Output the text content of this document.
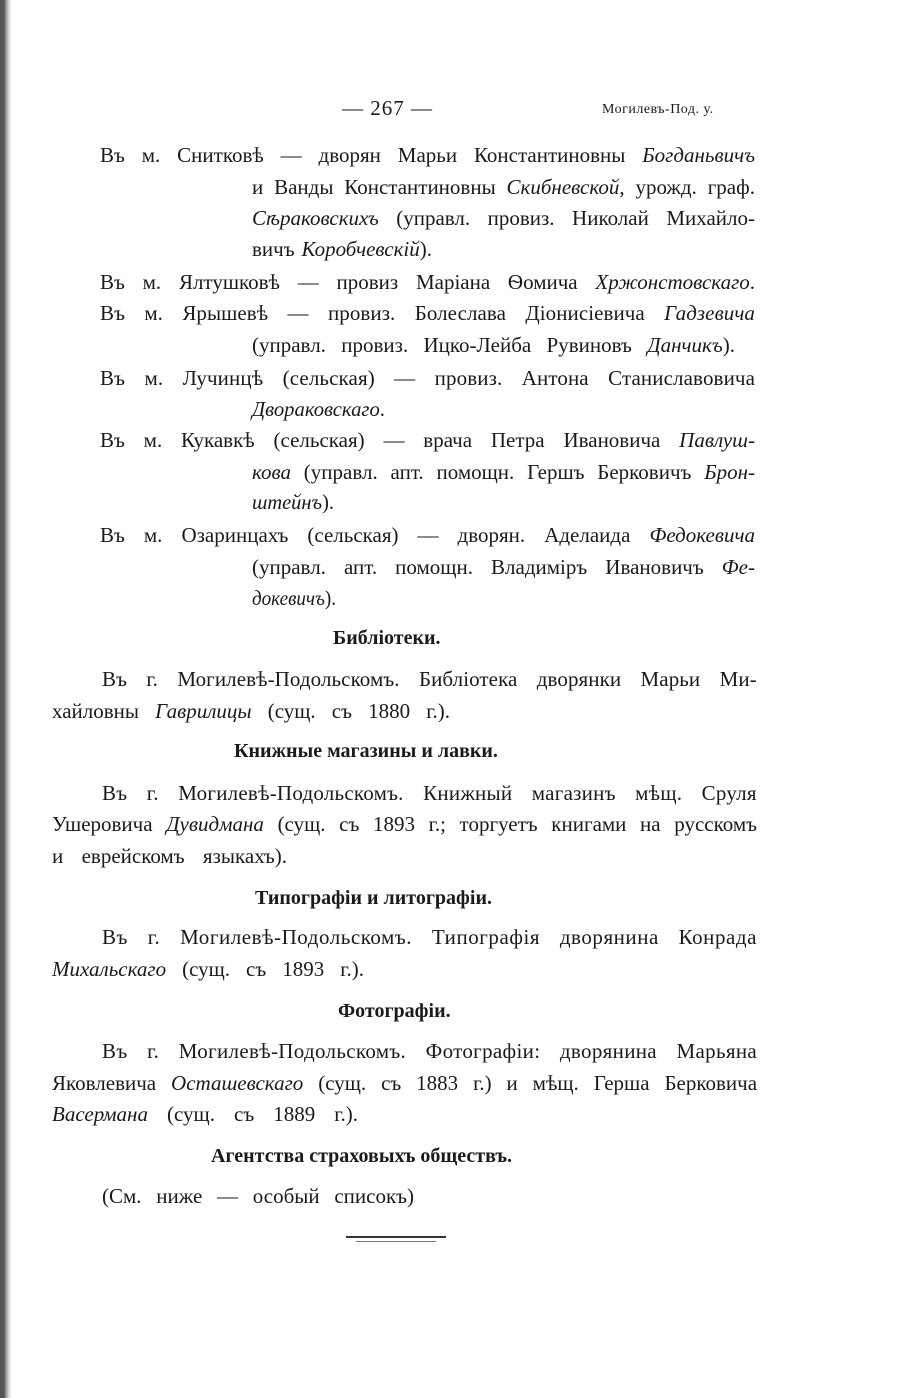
— 267 —	Могилевъ-Под. у.
Въ м. Снитковѣ — дворян Марьи Константиновны Богданьвичъ
и Ванды Константиновны Скибневской, урожд. граф.
Сѣраковскихъ (управл. провиз. Николай Михайло-
вичъ Коробчевскій).
Въ м. Ялтушковѣ — провиз Маріана Ѳомича Хржонстовскаго.
Въ м. Ярышевѣ — провиз. Болеслава Діонисіевича Гадзевича
(управл. провиз. Ицко-Лейба Рувиновъ Данчикъ).
Въ м. Лучинцѣ (сельская) — провиз. Антона Станиславовича
Двораковскаго.
Въ м. Кукавкѣ (сельская) — врача Петра Ивановича Павлуш-
кова (управл. апт. помощн. Гершъ Берковичъ Брон-
штейнъ).
Въ м. Озаринцахъ (сельская) — дворян. Аделаида Федокевича
(управл. апт. помощн. Владиміръ Ивановичъ Фе-
докевичъ).
Въ г. Могилевѣ-Подольскомъ. Библіотека дворянки Марьи Ми-
хайловны Гаврилицы (сущ. съ 1880 г.).
Въ г. Могилевѣ-Подольскомъ. Книжный магазинъ мѣщ. Сруля
Ушеровича Дувидмана (сущ. съ 1893 г.; торгуетъ книгами на русскомъ
и еврейскомъ языкахъ).
Въ г. Могилевѣ-Подольскомъ. Типографія дворянина Конрада
Михальскаго (сущ. съ 1893 г.).
Въ г. Могилевѣ-Подольскомъ. Фотографіи: дворянина Марьяна
Яковлевича Осташевскаго (сущ. съ 1883 г.) и мѣщ. Герша Берковича
Васермана (сущ. съ 1889 г.).
(См. ниже — особый списокъ)
Библіотеки.
Книжные магазины и лавки.
Типографіи и литографіи.
Фотографіи.
Агентства страховыхъ обществъ.
